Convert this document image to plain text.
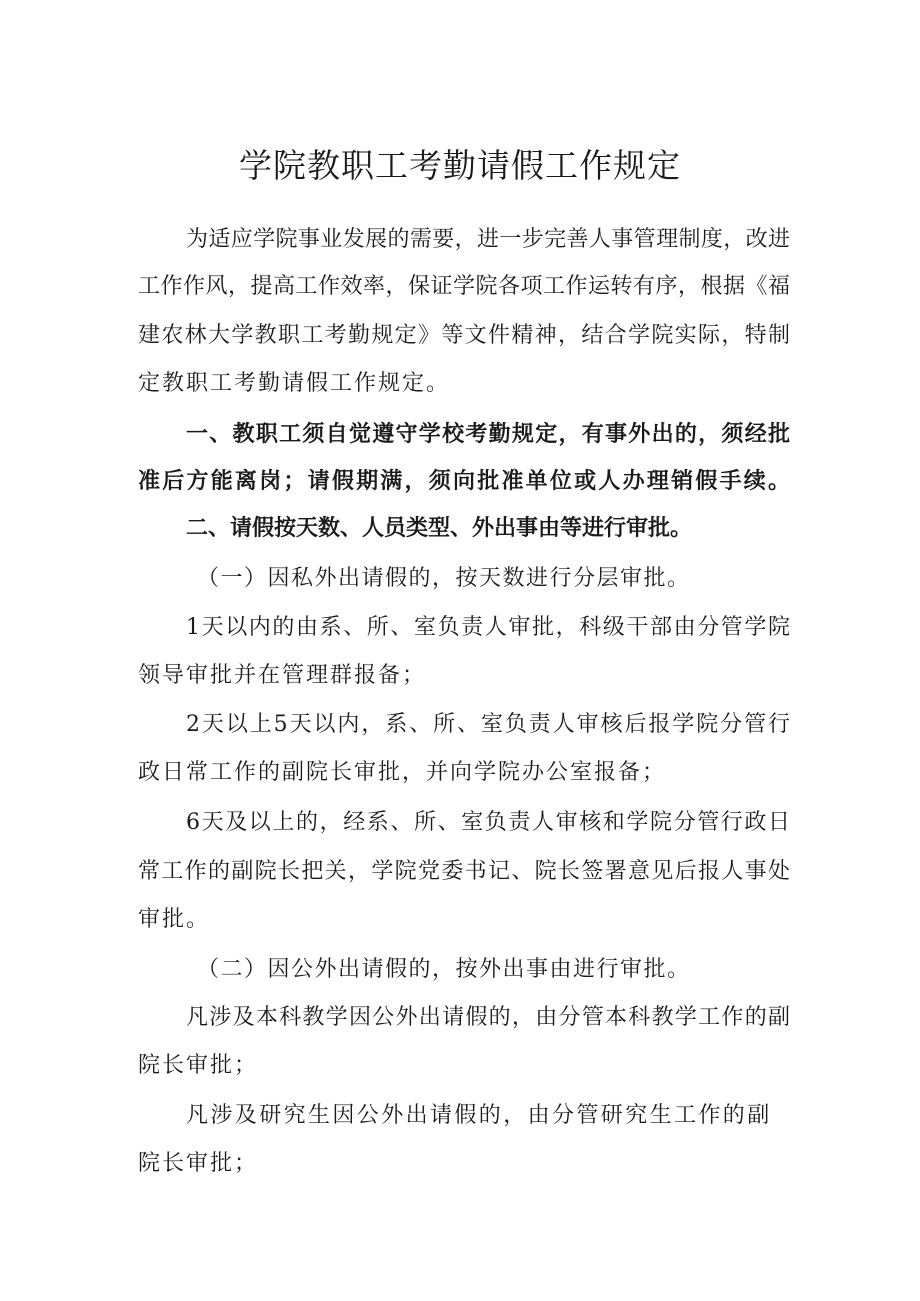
学院教职工考勤请假工作规定
为适应学院事业发展的需要，进一步完善人事管理制度，改进
工作作风，提高工作效率，保证学院各项工作运转有序，根据《福
建农林大学教职工考勤规定》等文件精神，结合学院实际，特制
定教职工考勤请假工作规定。
一、教职工须自觉遵守学校考勤规定，有事外出的，须经批
准后方能离岗；请假期满，须向批准单位或人办理销假手续。
二、请假按天数、人员类型、外出事由等进行审批。
（一）因私外出请假的，按天数进行分层审批。
1天以内的由系、所、室负责人审批，科级干部由分管学院
领导审批并在管理群报备；
2天以上5天以内，系、所、室负责人审核后报学院分管行
政日常工作的副院长审批，并向学院办公室报备；
6天及以上的，经系、所、室负责人审核和学院分管行政日
常工作的副院长把关，学院党委书记、院长签署意见后报人事处
审批。
（二）因公外出请假的，按外出事由进行审批。
凡涉及本科教学因公外出请假的，由分管本科教学工作的副
院长审批；
凡涉及研究生因公外出请假的，由分管研究生工作的副
院长审批；
